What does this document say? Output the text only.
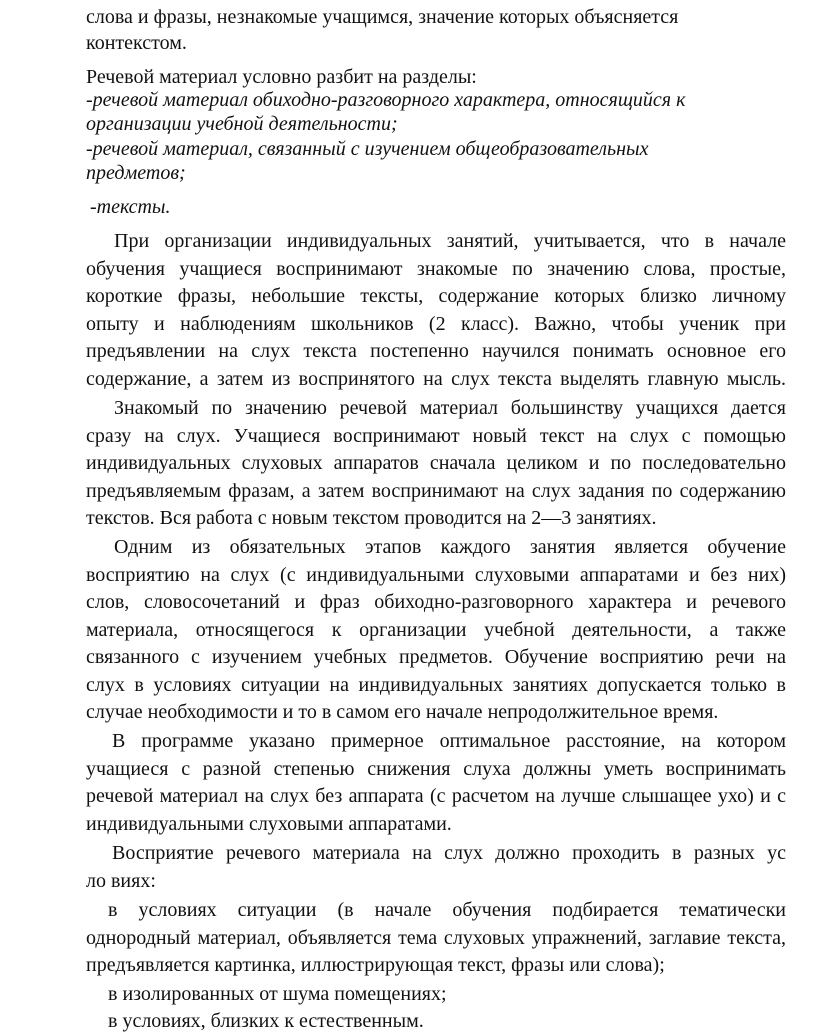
слова и фразы, незнакомые учащимся, значение которых объясняется
контекстом.
Речевой материал условно разбит на разделы:
-речевой материал обиходно-разговорного характера, относящийся к
организации учебной деятельности;
-речевой материал, связанный с изучением общеобразовательных
предметов;
-тексты.
При организации индивидуальных занятий, учитывается, что в начале
обучения учащиеся воспринимают знакомые по значению слова, простые,
короткие фразы, небольшие тексты, содержание которых близко личному
опыту и наблюдениям школьников (2 класс). Важно, чтобы ученик при
предъявлении на слух текста постепенно научился понимать основное его
содержание, а затем из воспринятого на слух текста выделять главную мысль.
Знакомый по значению речевой материал большинству учащихся дается
сразу на слух. Учащиеся воспринимают новый текст на слух с помощью
индивидуальных слуховых аппаратов сначала целиком и по последовательно
предъявляемым фразам, а затем воспринимают на слух задания по содержанию
текстов. Вся работа с новым текстом проводится на 2—3 занятиях.
Одним из обязательных этапов каждого занятия является обучение
восприятию на слух (с индивидуальными слуховыми аппаратами и без них)
слов, словосочетаний и фраз обиходно-разговорного характера и речевого
материала, относящегося к организации учебной деятельности, а также
связанного с изучением учебных предметов. Обучение восприятию речи на
слух в условиях ситуации на индивидуальных занятиях допускается только в
случае необходимости и то в самом его начале непродолжительное время.
В программе указано примерное оптимальное расстояние, на котором
учащиеся с разной степенью снижения слуха должны уметь воспринимать
речевой материал на слух без аппарата (с расчетом на лучше слышащее ухо) и с
индивидуальными слуховыми аппаратами.
Восприятие речевого материала на слух должно проходить в разных ус
ло виях:
в условиях ситуации (в начале обучения подбирается тематически
однородный материал, объявляется тема слуховых упражнений, заглавие текста,
предъявляется картинка, иллюстрирующая текст, фразы или слова);
в изолированных от шума помещениях;
в условиях, близких к естественным.
